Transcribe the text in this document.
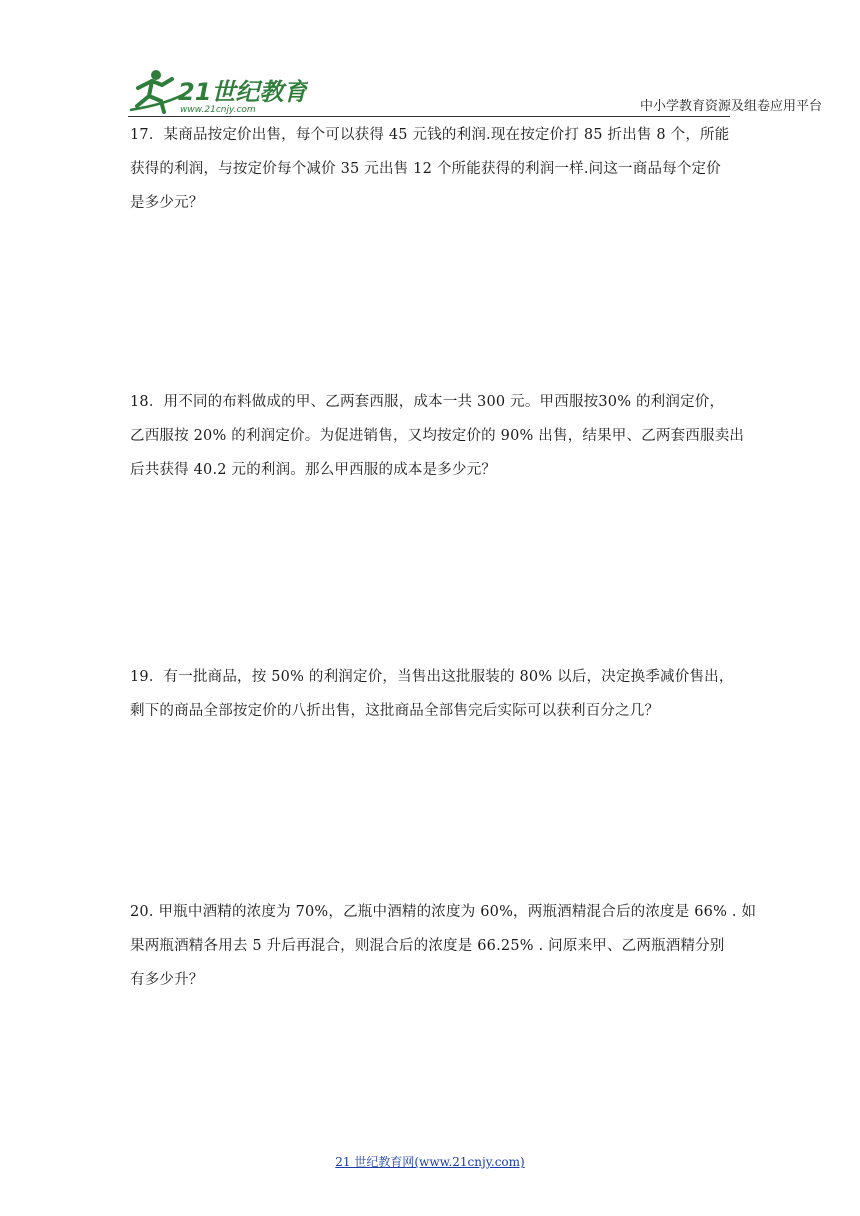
21世纪教育
www.21cnjy.com	中小学教育资源及组卷应用平台
17．某商品按定价出售，每个可以获得 45 元钱的利润.现在按定价打 85 折出售 8 个，所能
获得的利润，与按定价每个减价 35 元出售 12 个所能获得的利润一样.问这一商品每个定价
是多少元？
18．用不同的布料做成的甲、乙两套西服，成本一共 300 元。甲西服按30% 的利润定价，
乙西服按 20% 的利润定价。为促进销售，又均按定价的 90% 出售，结果甲、乙两套西服卖出
后共获得 40.2 元的利润。那么甲西服的成本是多少元？
19．有一批商品，按 50% 的利润定价，当售出这批服装的 80% 以后，决定换季减价售出，
剩下的商品全部按定价的八折出售，这批商品全部售完后实际可以获利百分之几？
20. 甲瓶中酒精的浓度为 70%，乙瓶中酒精的浓度为 60%，两瓶酒精混合后的浓度是 66% . 如
果两瓶酒精各用去 5 升后再混合，则混合后的浓度是 66.25% . 问原来甲、乙两瓶酒精分别
有多少升？
21 世纪教育网(www.21cnjy.com)
